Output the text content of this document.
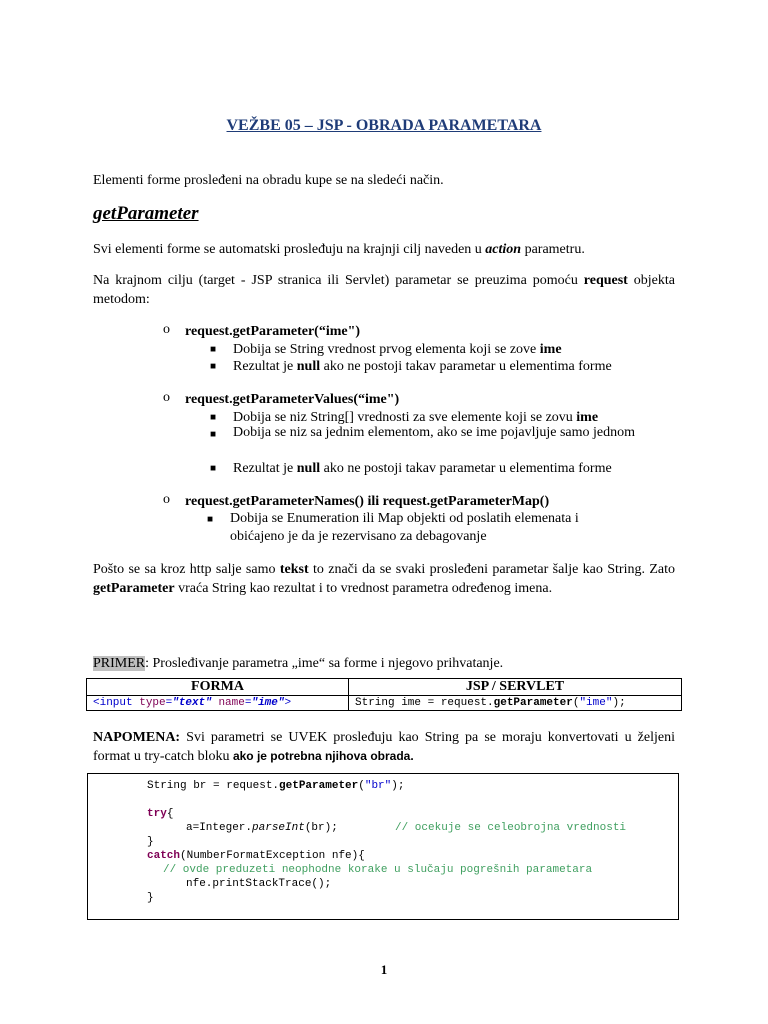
VEŽBE 05 – JSP - OBRADA PARAMETARA
Elementi forme prosleđeni na obradu kupe se na sledeći način.
getParameter
Svi elementi forme se automatski prosleđuju na krajnji cilj naveden u action parametru.
Na krajnom cilju (target - JSP stranica ili Servlet) parametar se preuzima pomoću request objekta metodom:
o request.getParameter(“ime")
■ Dobija se String vrednost prvog elementa koji se zove ime
■ Rezultat je null ako ne postoji takav parametar u elementima forme
o request.getParameterValues(“ime")
■ Dobija se niz String[] vrednosti za sve elemente koji se zovu ime
■ Dobija se niz sa jednim elementom, ako se ime pojavljuje samo jednom
■ Rezultat je null ako ne postoji takav parametar u elementima forme
o request.getParameterNames() ili request.getParameterMap()
■ Dobija se Enumeration ili Map objekti od poslatih elemenata i obićajeno je da je rezervisano za debagovanje
Pošto se sa kroz http salje samo tekst to znači da se svaki prosleđeni parametar šalje kao String. Zato getParameter vraća String kao rezultat i to vrednost parametra određenog imena.
PRIMER: Prosleđivanje parametra „ime“ sa forme i njegovo prihvatanje.
FORMA	JSP / SERVLET
<input type="text" name="ime">	String ime = request.getParameter("ime");
NAPOMENA: Svi parametri se UVEK prosleđuju kao String pa se moraju konvertovati u željeni format u try-catch bloku ako je potrebna njihova obrada.
String br = request.getParameter("br");
try{
a=Integer.parseInt(br);	// ocekuje se celeobrojna vrednosti
}
catch(NumberFormatException nfe){
// ovde preduzeti neophodne korake u slučaju pogrešnih parametara
nfe.printStackTrace();
}
1
